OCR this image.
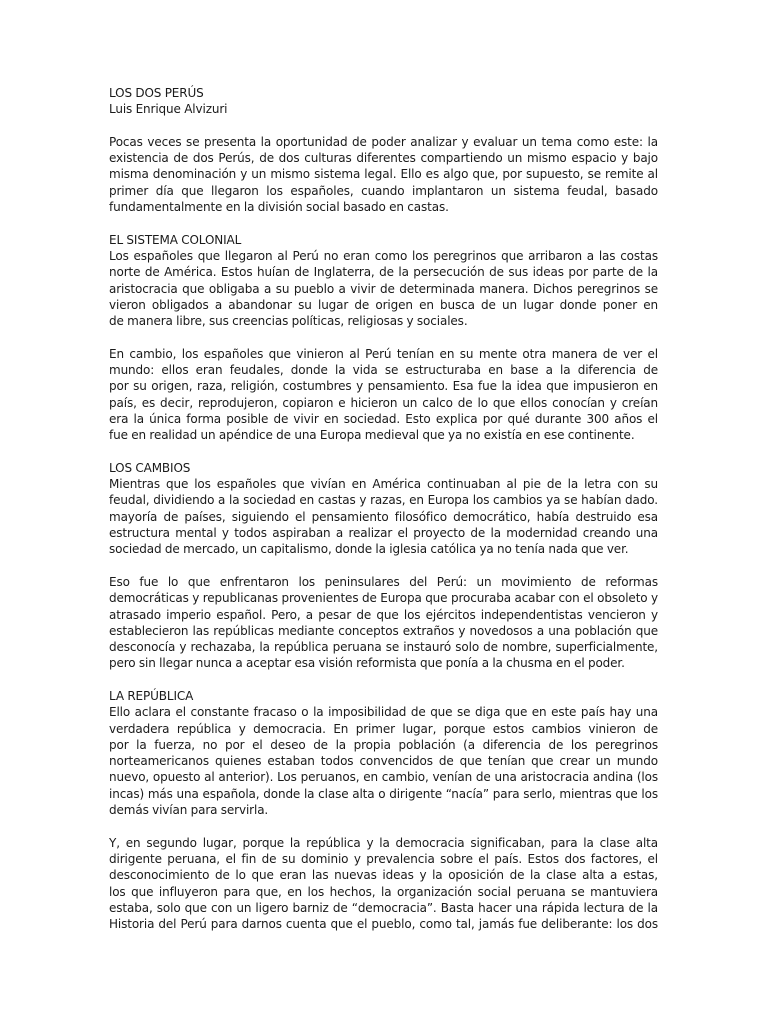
LOS DOS PERÚS
Luis Enrique Alvizuri
Pocas veces se presenta la oportunidad de poder analizar y evaluar un tema como este: la
existencia de dos Perús, de dos culturas diferentes compartiendo un mismo espacio y bajo
misma denominación y un mismo sistema legal. Ello es algo que, por supuesto, se remite al
primer día que llegaron los españoles, cuando implantaron un sistema feudal, basado
fundamentalmente en la división social basado en castas.
EL SISTEMA COLONIAL
Los españoles que llegaron al Perú no eran como los peregrinos que arribaron a las costas
norte de América. Estos huían de Inglaterra, de la persecución de sus ideas por parte de la
aristocracia que obligaba a su pueblo a vivir de determinada manera. Dichos peregrinos se
vieron obligados a abandonar su lugar de origen en busca de un lugar donde poner en
de manera libre, sus creencias políticas, religiosas y sociales.
En cambio, los españoles que vinieron al Perú tenían en su mente otra manera de ver el
mundo: ellos eran feudales, donde la vida se estructuraba en base a la diferencia de
por su origen, raza, religión, costumbres y pensamiento. Esa fue la idea que impusieron en
país, es decir, reprodujeron, copiaron e hicieron un calco de lo que ellos conocían y creían
era la única forma posible de vivir en sociedad. Esto explica por qué durante 300 años el
fue en realidad un apéndice de una Europa medieval que ya no existía en ese continente.
LOS CAMBIOS
Mientras que los españoles que vivían en América continuaban al pie de la letra con su
feudal, dividiendo a la sociedad en castas y razas, en Europa los cambios ya se habían dado.
mayoría de países, siguiendo el pensamiento filosófico democrático, había destruido esa
estructura mental y todos aspiraban a realizar el proyecto de la modernidad creando una
sociedad de mercado, un capitalismo, donde la iglesia católica ya no tenía nada que ver.
Eso fue lo que enfrentaron los peninsulares del Perú: un movimiento de reformas
democráticas y republicanas provenientes de Europa que procuraba acabar con el obsoleto y
atrasado imperio español. Pero, a pesar de que los ejércitos independentistas vencieron y
establecieron las repúblicas mediante conceptos extraños y novedosos a una población que
desconocía y rechazaba, la república peruana se instauró solo de nombre, superficialmente,
pero sin llegar nunca a aceptar esa visión reformista que ponía a la chusma en el poder.
LA REPÚBLICA
Ello aclara el constante fracaso o la imposibilidad de que se diga que en este país hay una
verdadera república y democracia. En primer lugar, porque estos cambios vinieron de
por la fuerza, no por el deseo de la propia población (a diferencia de los peregrinos
norteamericanos quienes estaban todos convencidos de que tenían que crear un mundo
nuevo, opuesto al anterior). Los peruanos, en cambio, venían de una aristocracia andina (los
incas) más una española, donde la clase alta o dirigente “nacía” para serlo, mientras que los
demás vivían para servirla.
Y, en segundo lugar, porque la república y la democracia significaban, para la clase alta
dirigente peruana, el fin de su dominio y prevalencia sobre el país. Estos dos factores, el
desconocimiento de lo que eran las nuevas ideas y la oposición de la clase alta a estas,
los que influyeron para que, en los hechos, la organización social peruana se mantuviera
estaba, solo que con un ligero barniz de “democracia”. Basta hacer una rápida lectura de la
Historia del Perú para darnos cuenta que el pueblo, como tal, jamás fue deliberante: los dos
